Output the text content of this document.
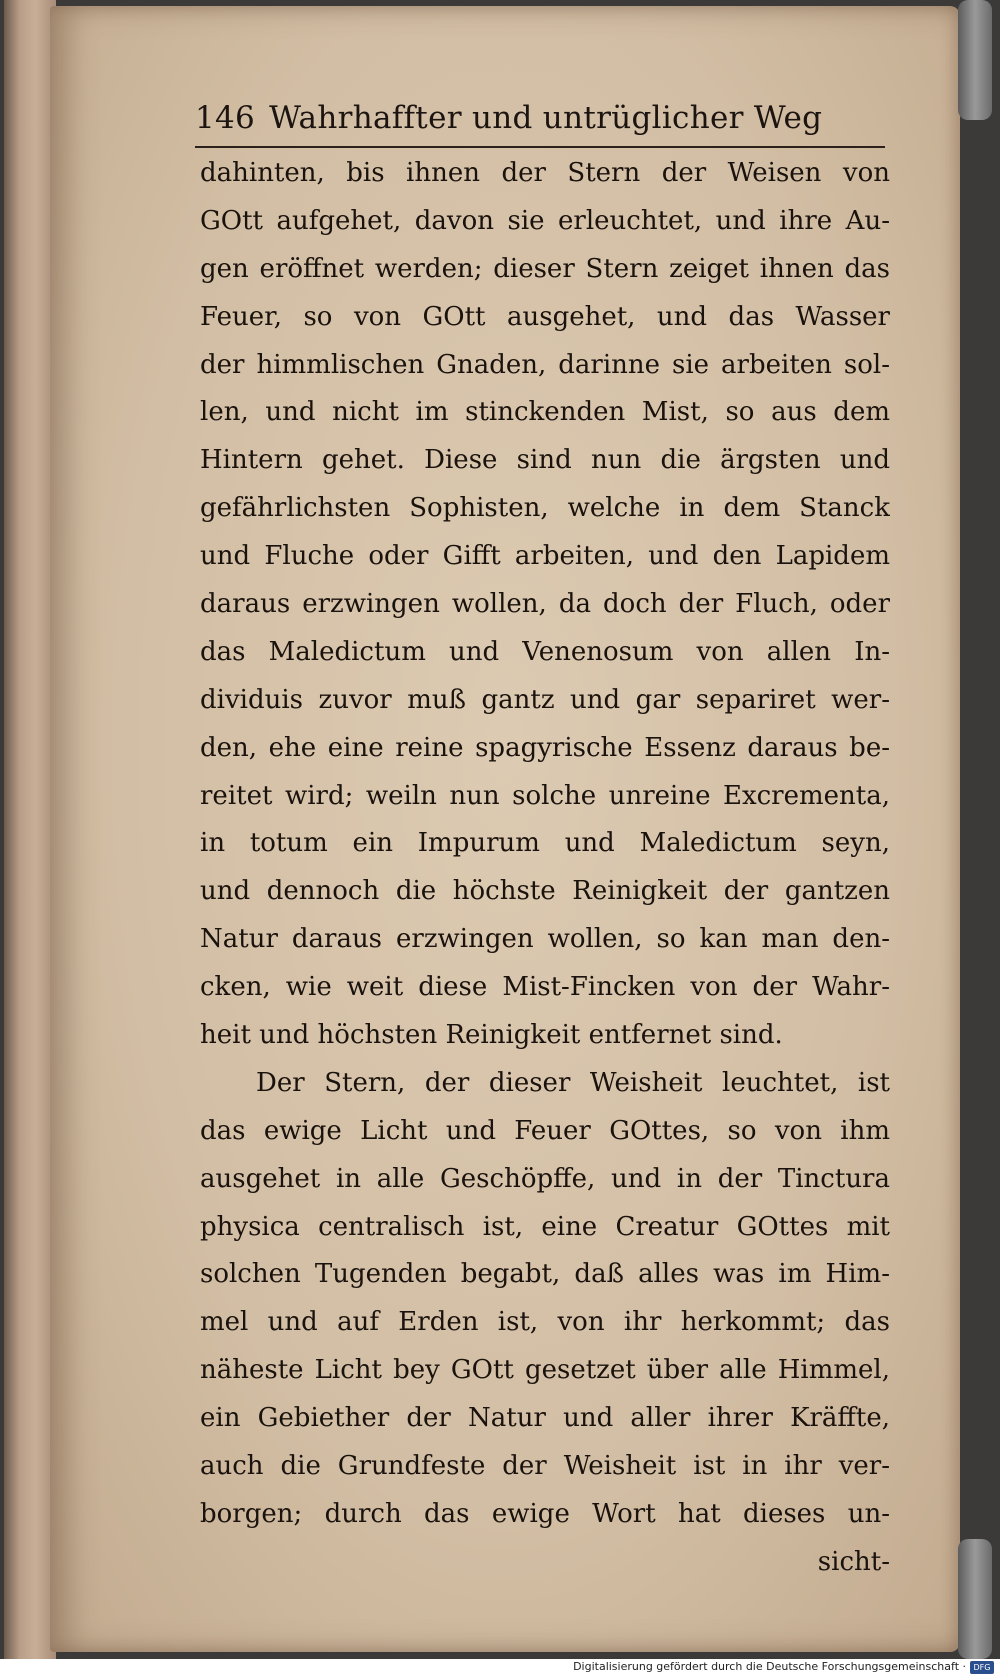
146 Wahrhaffter und untrüglicher Weg
dahinten, bis ihnen der Stern der Weisen von
GOtt aufgehet, davon sie erleuchtet, und ihre Au-
gen eröffnet werden; dieser Stern zeiget ihnen das
Feuer, so von GOtt ausgehet, und das Wasser
der himmlischen Gnaden, darinne sie arbeiten sol-
len, und nicht im stinckenden Mist, so aus dem
Hintern gehet. Diese sind nun die ärgsten und
gefährlichsten Sophisten, welche in dem Stanck
und Fluche oder Gifft arbeiten, und den Lapidem
daraus erzwingen wollen, da doch der Fluch, oder
das Maledictum und Venenosum von allen In-
dividuis zuvor muß gantz und gar separiret wer-
den, ehe eine reine spagyrische Essenz daraus be-
reitet wird; weiln nun solche unreine Excrementa,
in totum ein Impurum und Maledictum seyn,
und dennoch die höchste Reinigkeit der gantzen
Natur daraus erzwingen wollen, so kan man den-
cken, wie weit diese Mist-Fincken von der Wahr-
heit und höchsten Reinigkeit entfernet sind.
Der Stern, der dieser Weisheit leuchtet, ist
das ewige Licht und Feuer GOttes, so von ihm
ausgehet in alle Geschöpffe, und in der Tinctura
physica centralisch ist, eine Creatur GOttes mit
solchen Tugenden begabt, daß alles was im Him-
mel und auf Erden ist, von ihr herkommt; das
näheste Licht bey GOtt gesetzet über alle Himmel,
ein Gebiether der Natur und aller ihrer Kräffte,
auch die Grundfeste der Weisheit ist in ihr ver-
borgen; durch das ewige Wort hat dieses un-
sicht-
Digitalisierung gefördert durch die Deutsche Forschungsgemeinschaft · DFG
